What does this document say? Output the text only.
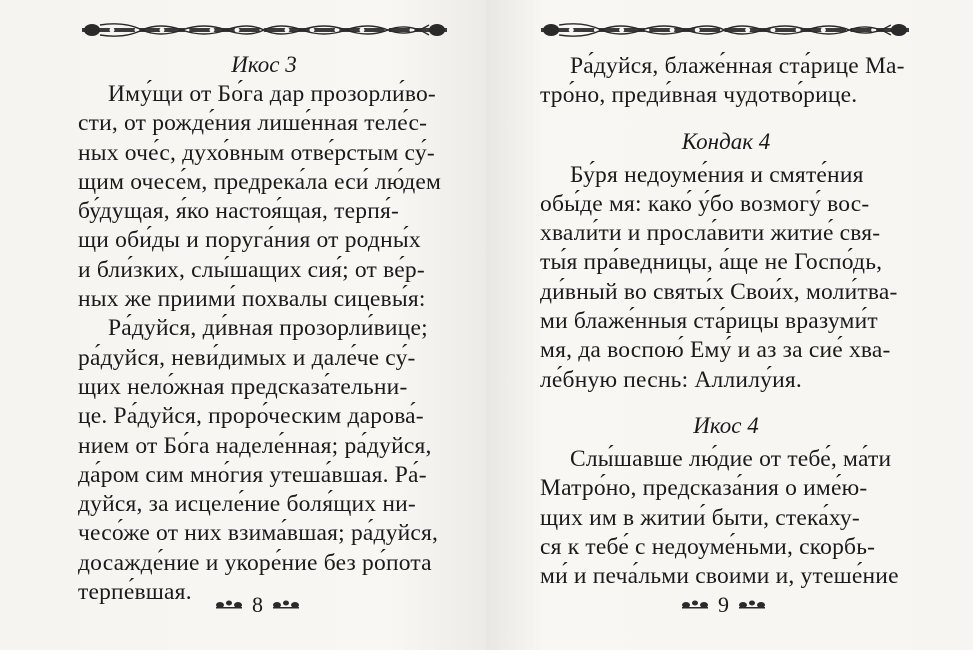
Икос 3

Иму́щи от Бо́га дар прозорли́во-

сти, от рожде́ния лише́нная теле́с-

ных оче́с, духо́вным отве́рстым су́-

щим очесе́м, предрека́ла еси́ лю́дем

бу́дущая, я́ко настоя́щая, терпя́-

щи оби́ды и поруга́ния от родны́х

и бли́зких, слы́шащих сия́; от ве́р-

ных же приими́ похвалы сицевы́я:

Ра́дуйся, ди́вная прозорли́вице;

ра́дуйся, неви́димых и дале́че су́-

щих нело́жная предсказа́тельни-

це. Ра́дуйся, проро́ческим дарова́-

нием от Бо́га наделе́нная; ра́дуйся,

да́ром сим мно́гия утеша́вшая. Ра́-

дуйся, за исцеле́ние боля́щих ни-

чесо́же от них взима́вшая; ра́дуйся,

досажде́ние и укоре́ние без ро́пота

терпе́вшая.	8

Ра́дуйся, блаже́нная ста́рице Ма-

тро́но, преди́вная чудотво́рице.

Кондак 4

Бу́ря недоуме́ния и смяте́ния

обы́де мя: како́ у́бо возмогу́ вос-

хвали́ти и просла́вити житие́ свя-

ты́я пра́ведницы, а́ще не Госпо́дь,

ди́вный во святы́х Свои́х, моли́тва-

ми блаже́нныя ста́рицы вразуми́т

мя, да воспою́ Ему́ и аз за сие́ хва-

ле́бную песнь: Аллилу́ия.

Икос 4

Слы́шавше лю́дие от тебе́, ма́ти

Матро́но, предсказа́ния о име́ю-

щих им в житии́ быти, стека́ху-

ся к тебе́ с недоуме́ньми, скорбь-

ми́ и печа́льми своими и, утеше́ние

9
